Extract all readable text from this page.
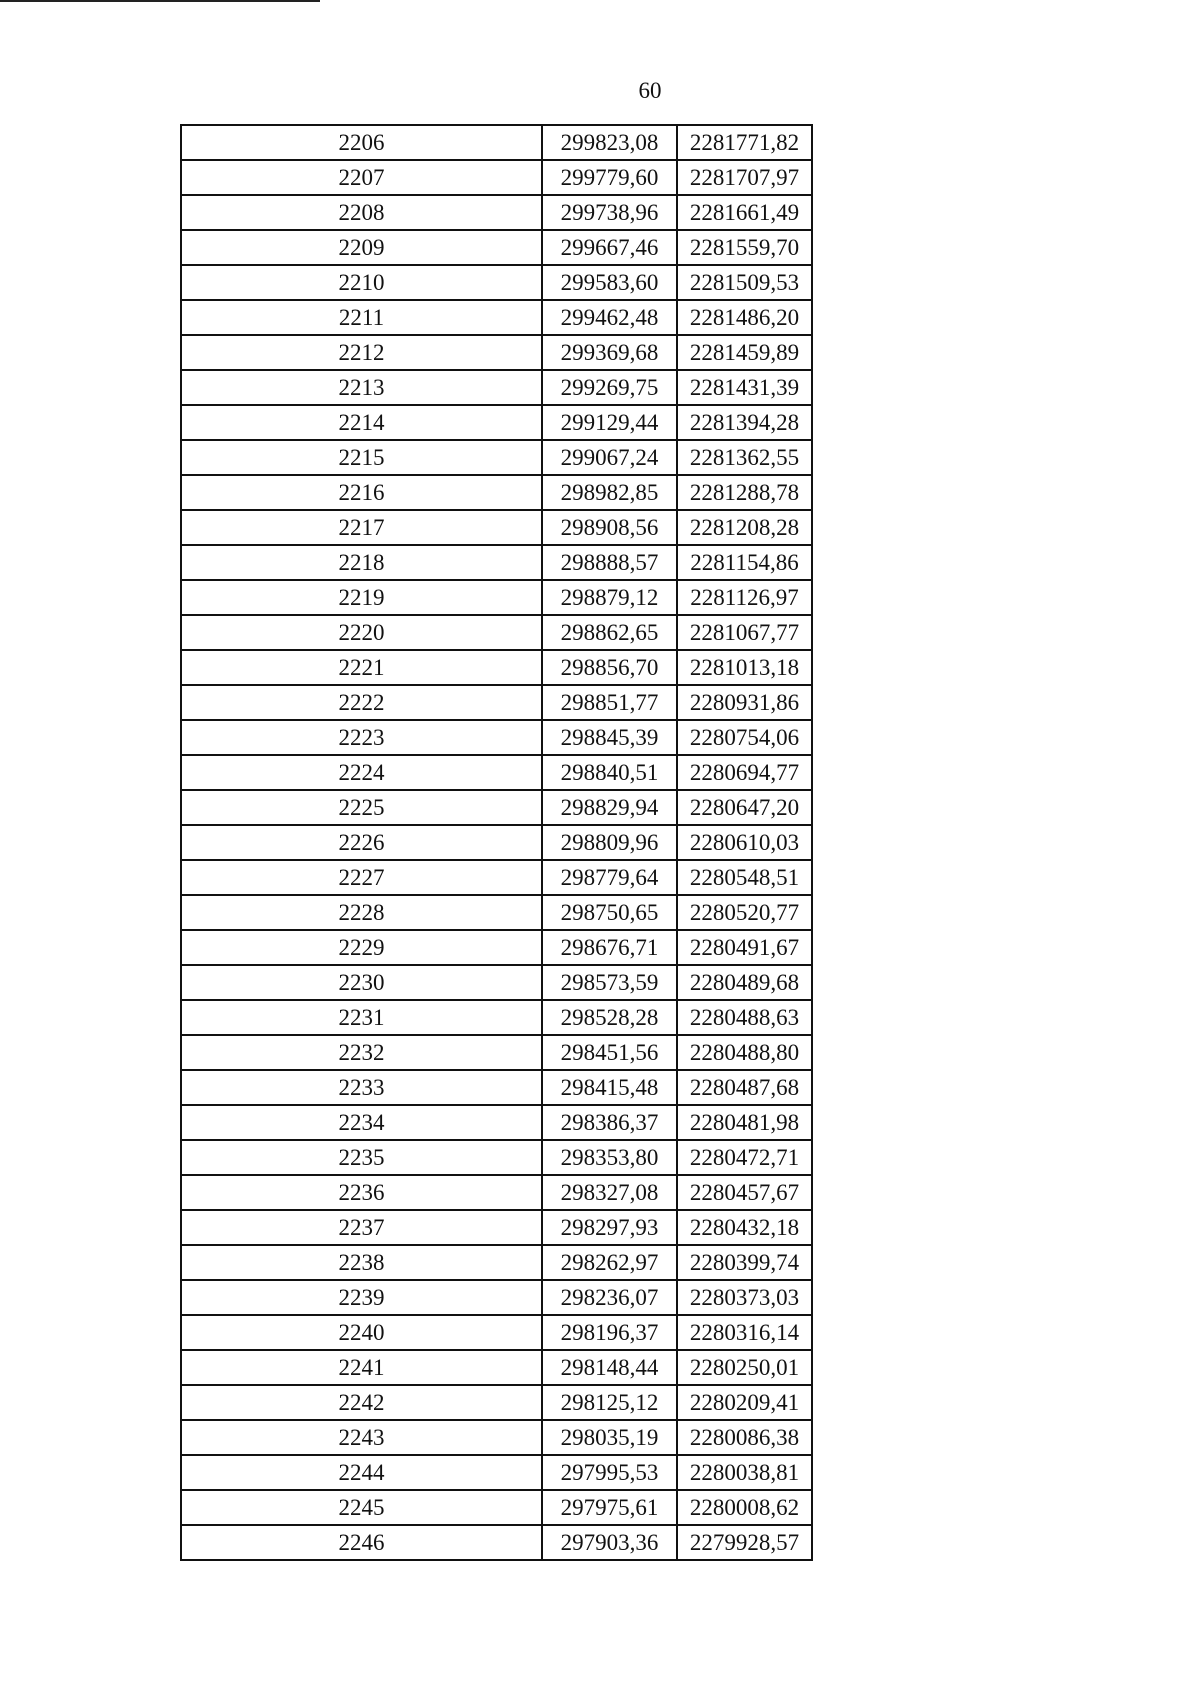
60
2206	299823,08	2281771,82
2207	299779,60	2281707,97
2208	299738,96	2281661,49
2209	299667,46	2281559,70
2210	299583,60	2281509,53
2211	299462,48	2281486,20
2212	299369,68	2281459,89
2213	299269,75	2281431,39
2214	299129,44	2281394,28
2215	299067,24	2281362,55
2216	298982,85	2281288,78
2217	298908,56	2281208,28
2218	298888,57	2281154,86
2219	298879,12	2281126,97
2220	298862,65	2281067,77
2221	298856,70	2281013,18
2222	298851,77	2280931,86
2223	298845,39	2280754,06
2224	298840,51	2280694,77
2225	298829,94	2280647,20
2226	298809,96	2280610,03
2227	298779,64	2280548,51
2228	298750,65	2280520,77
2229	298676,71	2280491,67
2230	298573,59	2280489,68
2231	298528,28	2280488,63
2232	298451,56	2280488,80
2233	298415,48	2280487,68
2234	298386,37	2280481,98
2235	298353,80	2280472,71
2236	298327,08	2280457,67
2237	298297,93	2280432,18
2238	298262,97	2280399,74
2239	298236,07	2280373,03
2240	298196,37	2280316,14
2241	298148,44	2280250,01
2242	298125,12	2280209,41
2243	298035,19	2280086,38
2244	297995,53	2280038,81
2245	297975,61	2280008,62
2246	297903,36	2279928,57
